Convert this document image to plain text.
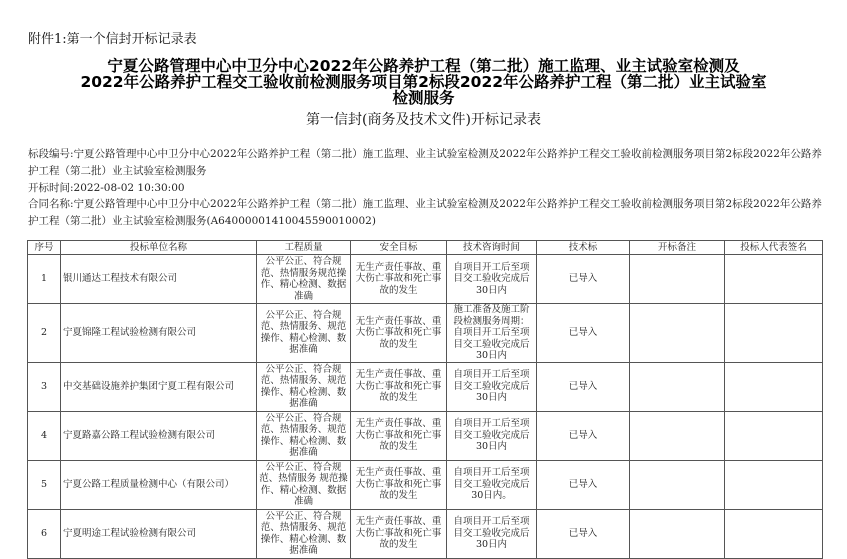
附件1:第一个信封开标记录表
宁夏公路管理中心中卫分中心2022年公路养护工程（第二批）施工监理、业主试验室检测及
2022年公路养护工程交工验收前检测服务项目第2标段2022年公路养护工程（第二批）业主试验室
检测服务
第一信封(商务及技术文件)开标记录表
标段编号:宁夏公路管理中心中卫分中心2022年公路养护工程（第二批）施工监理、业主试验室检测及2022年公路养护工程交工验收前检测服务项目第2标段2022年公路养护工程（第二批）业主试验室检测服务
开标时间:2022-08-02 10:30:00
合同名称:宁夏公路管理中心中卫分中心2022年公路养护工程（第二批）施工监理、业主试验室检测及2022年公路养护工程交工验收前检测服务项目第2标段2022年公路养护工程（第二批）业主试验室检测服务(A64000001410045590010002)
序号	投标单位名称	工程质量	安全目标	技术咨询时间	技术标	开标备注	投标人代表签名
1	银川通达工程技术有限公司	公平公正、符合规范、热情服务规范操作、精心检测、数据准确	无生产责任事故、重大伤亡事故和死亡事故的发生	自项目开工后至项目交工验收完成后30日内	已导入		
2	宁夏锦隆工程试验检测有限公司	公平公正、符合规范、热情服务、规范操作、精心检测、数据准确	无生产责任事故、重大伤亡事故和死亡事故的发生	施工准备及施工阶段检测服务周期：自项目开工后至项目交工验收完成后30日内	已导入		
3	中交基础设施养护集团宁夏工程有限公司	公平公正、符合规范、热情服务、规范操作、精心检测、数据准确	无生产责任事故、重大伤亡事故和死亡事故的发生	自项目开工后至项目交工验收完成后30日内	已导入		
4	宁夏路嘉公路工程试验检测有限公司	公平公正、符合规范、热情服务、规范操作、精心检测、数据准确	无生产责任事故、重大伤亡事故和死亡事故的发生	自项目开工后至项目交工验收完成后30日内	已导入		
5	宁夏公路工程质量检测中心（有限公司）	公平公正、符合规范、热情服务 规范操作、精心检测、数据准确	无生产责任事故、重大伤亡事故和死亡事故的发生	自项目开工后至项目交工验收完成后30日内。	已导入		
6	宁夏明途工程试验检测有限公司	公平公正、符合规范、热情服务、规范操作、精心检测、数据准确	无生产责任事故、重大伤亡事故和死亡事故的发生	自项目开工后至项目交工验收完成后30日内	已导入		
